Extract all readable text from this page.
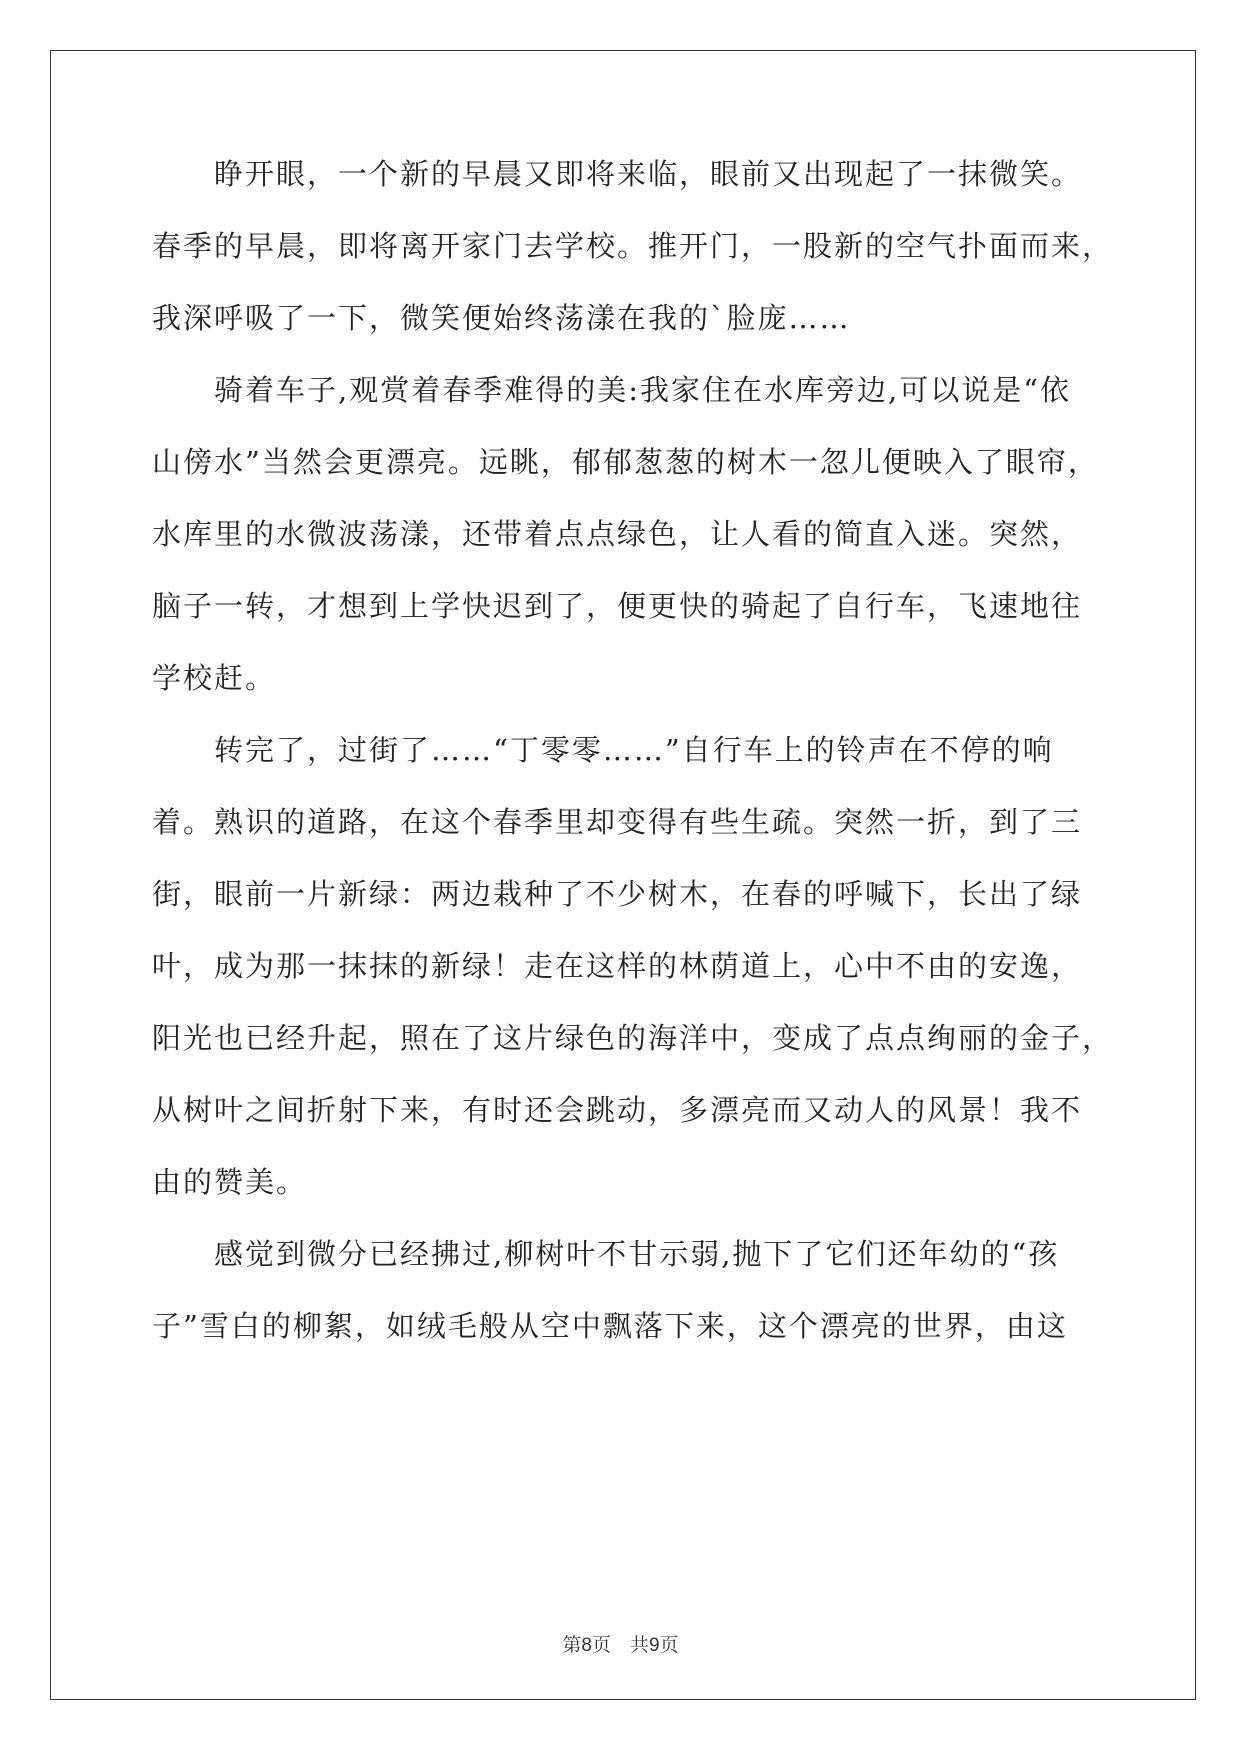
　　睁开眼，一个新的早晨又即将来临，眼前又出现起了一抹微笑。
春季的早晨，即将离开家门去学校。推开门，一股新的空气扑面而来，
我深呼吸了一下，微笑便始终荡漾在我的`脸庞……
　　骑着车子,观赏着春季难得的美:我家住在水库旁边,可以说是“依
山傍水”当然会更漂亮。远眺，郁郁葱葱的树木一忽儿便映入了眼帘，
水库里的水微波荡漾，还带着点点绿色，让人看的简直入迷。突然，
脑子一转，才想到上学快迟到了，便更快的骑起了自行车，飞速地往
学校赶。
　　转完了，过街了……“丁零零……”自行车上的铃声在不停的响
着。熟识的道路，在这个春季里却变得有些生疏。突然一折，到了三
街，眼前一片新绿：两边栽种了不少树木，在春的呼喊下，长出了绿
叶，成为那一抹抹的新绿！走在这样的林荫道上，心中不由的安逸，
阳光也已经升起，照在了这片绿色的海洋中，变成了点点绚丽的金子，
从树叶之间折射下来，有时还会跳动，多漂亮而又动人的风景！我不
由的赞美。
　　感觉到微分已经拂过,柳树叶不甘示弱,抛下了它们还年幼的“孩
子”雪白的柳絮，如绒毛般从空中飘落下来，这个漂亮的世界，由这
第8页　共9页
